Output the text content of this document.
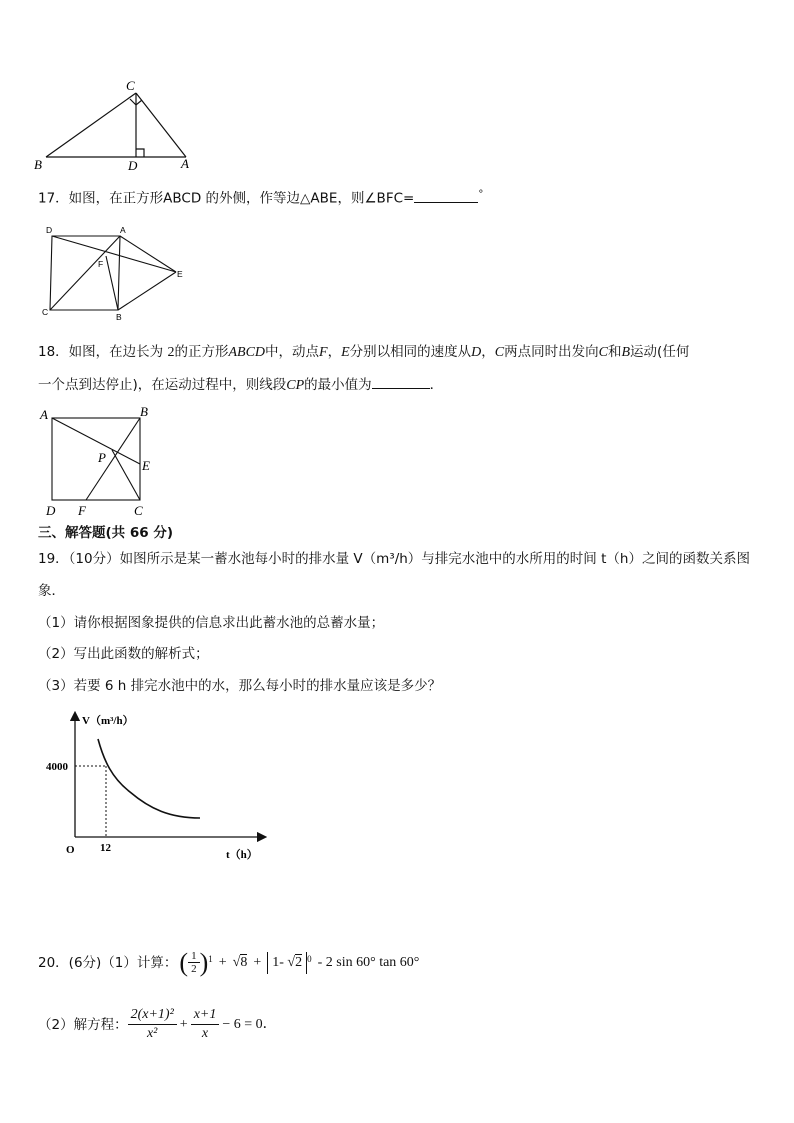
C
B	D	A
17．如图，在正方形ABCD 的外侧，作等边△ABE，则∠BFC=	°
D	A
F
E
C	B
18．如图，在边长为 2的正方形ABCD中，动点F，E分别以相同的速度从D，C两点同时出发向C和B运动(任何
一个点到达停止)，在运动过程中，则线段CP的最小值为	．
A	B
P
E
D F	C
三、解答题(共 66 分)
19．（10分）如图所示是某一蓄水池每小时的排水量 V（m³/h）与排完水池中的水所用的时间 t（h）之间的函数关系图
象．
（1）请你根据图象提供的信息求出此蓄水池的总蓄水量；
（2）写出此函数的解析式；
（3）若要 6 h 排完水池中的水，那么每小时的排水量应该是多少？
V（m³/h）
4000
O 12
t（h）
20．(6分)（1）计算： ( $\frac{1}{2} )^1 + √8 + 1-$ √2 $^0$ - 2 sin 60° tan 60°
（2）解方程： $\frac{\text{2(x+1)²}}{\text{x²}} + \frac{x+1}{x} - 6 = 0$ ．
